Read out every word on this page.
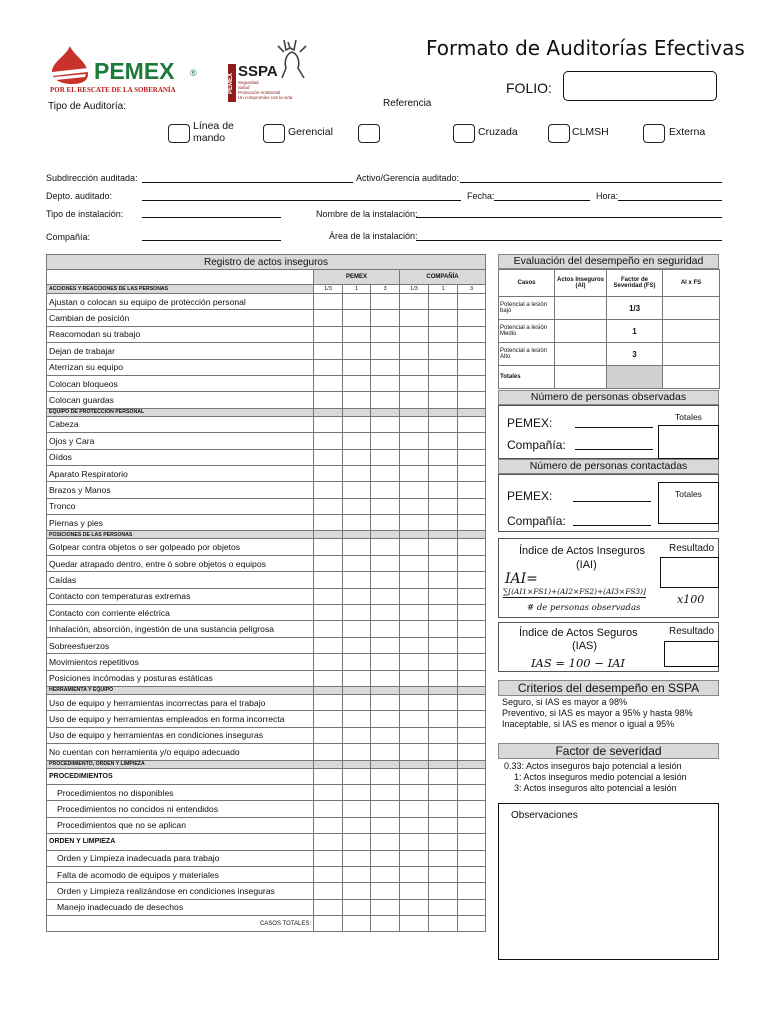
PEMEX ®
POR EL RESCATE DE LA SOBERANÍA	PEMEX
SSPA
Seguridad
Salud
Protección Ambiental
Un compromiso con la vida
Formato de Auditorías Efectivas
FOLIO:
Tipo de Auditoría:	Referencia
Línea de mando	Gerencial	Cruzada	CLMSH	Externa
Subdirección auditada:	Activo/Gerencia auditado:
Depto. auditado:	Fecha:	Hora:
Tipo de instalación:	Nombre de la instalación:
Compañía:	Área de la instalación:
Registro de actos inseguros						
	PEMEX			COMPAÑÍA		
ACCIONES Y REACCIONES DE LAS PERSONAS	1/3	1	3	1/3	1	3
Ajustan o colocan su equipo de protección personal						
Cambian de posición						
Reacomodan su trabajo						
Dejan de trabajar						
Aterrizan su equipo						
Colocan bloqueos						
Colocan guardas						
EQUIPO DE PROTECCIÓN PERSONAL						
Cabeza						
Ojos y Cara						
Oídos						
Aparato Respiratorio						
Brazos y Manos						
Tronco						
Piernas y pies						
POSICIONES DE LAS PERSONAS						
Golpear contra objetos o ser golpeado por objetos						
Quedar atrapado dentro, entre ó sobre objetos o equipos						
Caídas						
Contacto con temperaturas extremas						
Contacto con corriente eléctrica						
Inhalación, absorción, ingestión de una sustancia peligrosa						
Sobreesfuerzos						
Movimientos repetitivos						
Posiciones incómodas y posturas estáticas						
HERRAMIENTA Y EQUIPO						
Uso de equipo y herramientas incorrectas para el trabajo						
Uso de equipo y herramientas empleados en forma incorrecta						
Uso de equipo y herramientas en condiciones inseguras						
No cuentan con herramienta y/o equipo adecuado						
PROCEDIMIENTO, ORDEN Y LIMPIEZA						
PROCEDIMIENTOS						
Procedimientos no disponibles						
Procedimientos no concidos ni entendidos						
Procedimientos que no se aplican						
ORDEN Y LIMPIEZA						
Orden y Limpieza inadecuada para trabajo						
Falta de acomodo de equipos y materiales						
Orden y Limpieza realizándose en condiciones inseguras						
Manejo inadecuado de desechos						
CASOS TOTALES:						
Evaluación del desempeño en seguridad
Casos	Actos Inseguros (AI)	Factor de Severidad (FS)	AI x FS
Potencial a lesión bajo		1/3	
Potencial a lesión Medio		1	
Potencial a lesión Alto		3	
Totales			
Número de personas observadas
PEMEX:
Compañía:
Totales
Número de personas contactadas
PEMEX:
Compañía:
Totales
Índice de Actos Inseguros
(IAI)
Resultado
IAI=
∑[(AI1×FS1)+(AI2×FS2)+(AI3×FS3)]
# de personas observadas
x100
Índice de Actos Seguros
(IAS)
Resultado
IAS = 100 − IAI
Criterios del desempeño en SSPA
Seguro, si IAS es mayor a 98%
Preventivo, si IAS es mayor a 95% y hasta 98%
Inaceptable, si IAS es menor o igual a 95%
Factor de severidad
0.33: Actos inseguros bajo potencial a lesión
1: Actos inseguros medio potencial a lesión
3: Actos inseguros alto potencial a lesión
Observaciones
